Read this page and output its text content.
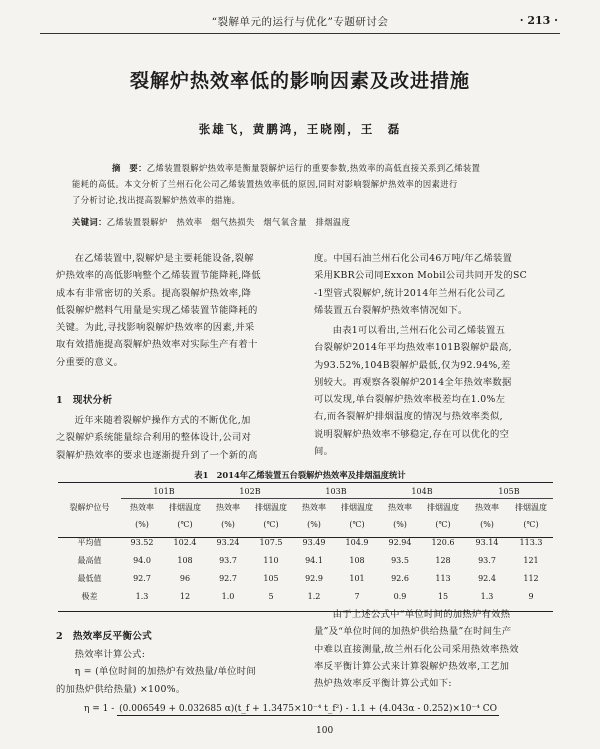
“裂解单元的运行与优化”专题研讨会	· 213 ·
裂解炉热效率低的影响因素及改进措施
张雄飞，黄鹏鸿，王晓刚，王　磊
摘　要：乙烯装置裂解炉热效率是衡量裂解炉运行的重要参数,热效率的高低直接关系到乙烯装置
能耗的高低。本文分析了兰州石化公司乙烯装置热效率低的原因,同时对影响裂解炉热效率的因素进行
了分析讨论,找出提高裂解炉热效率的措施。
关键词：乙烯装置裂解炉　热效率　烟气热损失　烟气氧含量　排烟温度
在乙烯装置中,裂解炉是主要耗能设备,裂解
炉热效率的高低影响整个乙烯装置节能降耗,降低
成本有非常密切的关系。提高裂解炉热效率,降
低裂解炉燃料气用量是实现乙烯装置节能降耗的
关键。为此,寻找影响裂解炉热效率的因素,并采
取有效措施提高裂解炉热效率对实际生产有着十
分重要的意义。
1　现状分析
近年来随着裂解炉操作方式的不断优化,加
之裂解炉系统能量综合利用的整体设计,公司对
裂解炉热效率的要求也逐渐提升到了一个新的高
度。中国石油兰州石化公司46万吨/年乙烯装置
采用KBR公司同Exxon Mobil公司共同开发的SC
-1型管式裂解炉,统计2014年兰州石化公司乙
烯装置五台裂解炉热效率情况如下。
由表1可以看出,兰州石化公司乙烯装置五
台裂解炉2014年平均热效率101B裂解炉最高,
为93.52%,104B裂解炉最低,仅为92.94%,差
别较大。再观察各裂解炉2014全年热效率数据
可以发现,单台裂解炉热效率极差均在1.0%左
右,而各裂解炉排烟温度的情况与热效率类似,
说明裂解炉热效率不够稳定,存在可以优化的空
间。
表1　2014年乙烯装置五台裂解炉热效率及排烟温度统计
	101B		102B		103B		104B		105B	
裂解炉位号	热效率	排烟温度	热效率	排烟温度	热效率	排烟温度	热效率	排烟温度	热效率	排烟温度
	(%)	(℃)	(%)	(℃)	(%)	(℃)	(%)	(℃)	(%)	(℃)
平均值	93.52	102.4	93.24	107.5	93.49	104.9	92.94	120.6	93.14	113.3
最高值	94.0	108	93.7	110	94.1	108	93.5	128	93.7	121
最低值	92.7	96	92.7	105	92.9	101	92.6	113	92.4	112
极差	1.3	12	1.0	5	1.2	7	0.9	15	1.3	9
2　热效率反平衡公式
热效率计算公式:
η = (单位时间的加热炉有效热量/单位时间
的加热炉供给热量) ×100%。
由于上述公式中“单位时间的加热炉有效热
量”及“单位时间的加热炉供给热量”在时间生产
中难以直接测量,故兰州石化公司采用热效率热效
率反平衡计算公式来计算裂解炉热效率,工艺加
热炉热效率反平衡计算公式如下:
η = 1 - (0.006549 + 0.032685 α)(t_f + 1.3475×10⁻⁴ t_f²) - 1.1 + (4.043α - 0.252)×10⁻⁴ CO
100
